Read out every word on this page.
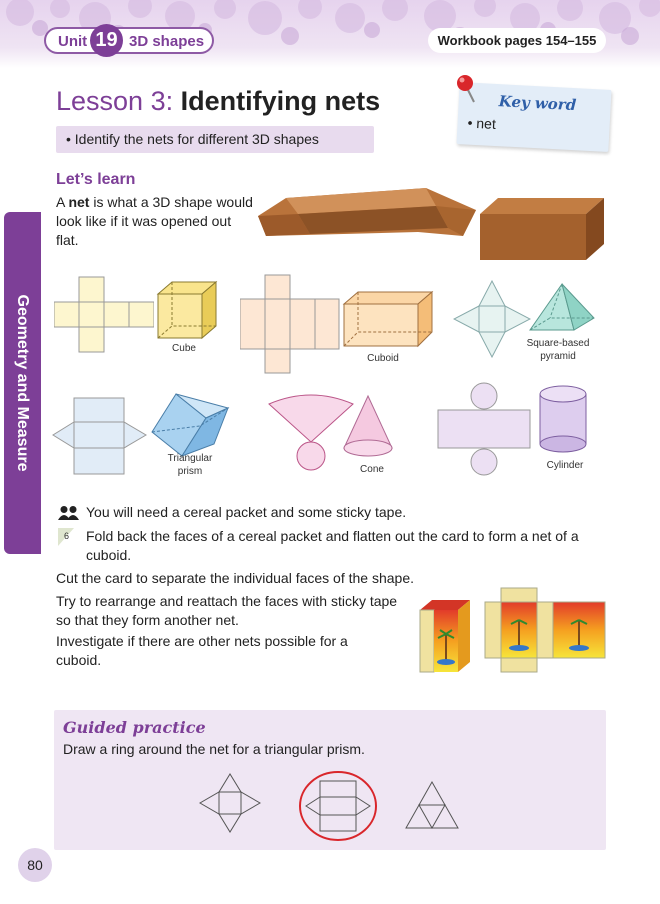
Unit 19 3D shapes	Workbook pages 154–155
Lesson 3: Identifying nets	Key word
• net
• Identify the nets for different 3D shapes
Geometry and Measure
Let’s learn
A net is what a 3D shape would look like if it was opened out flat.
Cube
Cuboid
Square-based pyramid
Triangular prism	Cone	Cylinder
You will need a cereal packet and some sticky tape.
6 Fold back the faces of a cereal packet and flatten out the card to form a net of a cuboid.
Cut the card to separate the individual faces of the shape.
Try to rearrange and reattach the faces with sticky tape so that they form another net.
Investigate if there are other nets possible for a cuboid.
Guided practice
Draw a ring around the net for a triangular prism.
80
